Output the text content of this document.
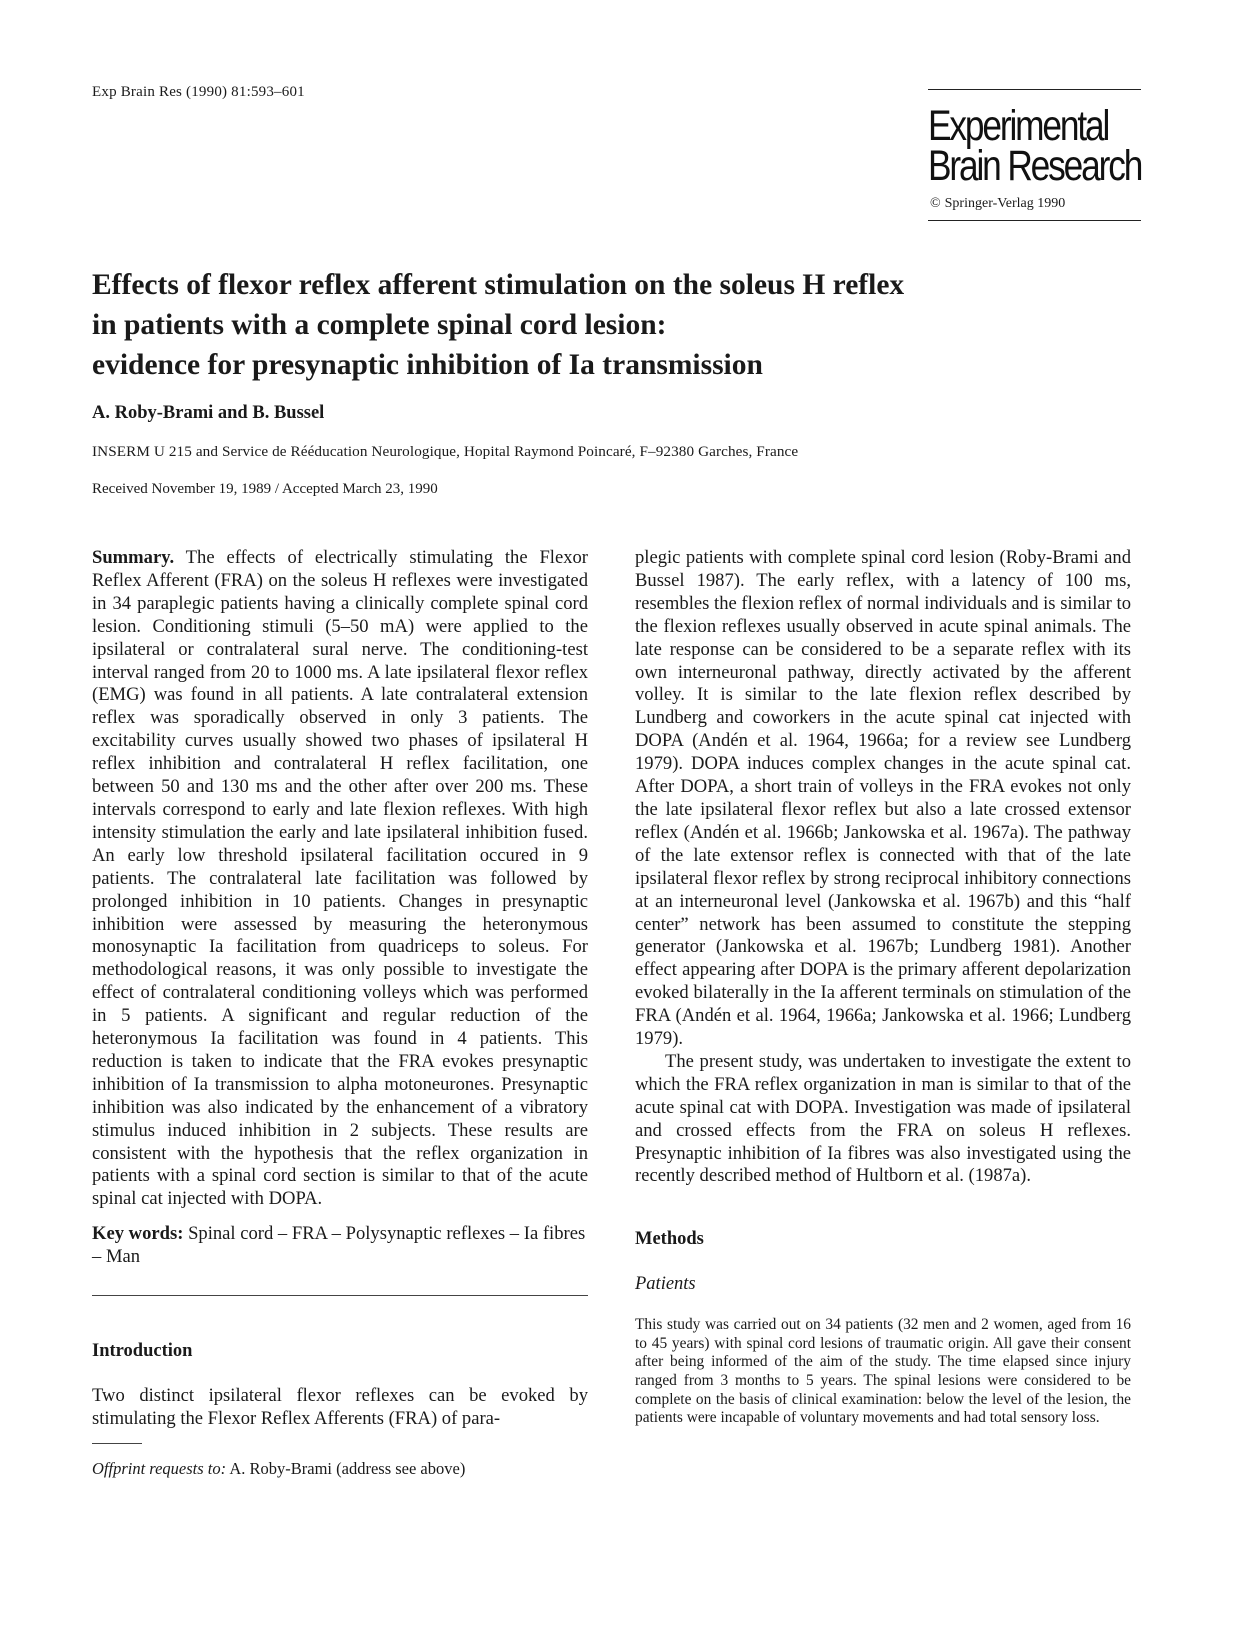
Exp Brain Res (1990) 81:593–601
Experimental
Brain Research
© Springer-Verlag 1990
Effects of flexor reflex afferent stimulation on the soleus H reflex
in patients with a complete spinal cord lesion:
evidence for presynaptic inhibition of Ia transmission
A. Roby-Brami and B. Bussel
INSERM U 215 and Service de Rééducation Neurologique, Hopital Raymond Poincaré, F–92380 Garches, France
Received November 19, 1989 / Accepted March 23, 1990

Summary. The effects of electrically stimulating the Flexor Reflex Afferent (FRA) on the soleus H reflexes were investigated in 34 paraplegic patients having a clinically complete spinal cord lesion. Conditioning stimuli (5–50 mA) were applied to the ipsilateral or contralateral sural nerve. The conditioning-test interval ranged from 20 to 1000 ms. A late ipsilateral flexor reflex (EMG) was found in all patients. A late contralateral extension reflex was sporadically observed in only 3 patients. The excitability curves usually showed two phases of ipsilateral H reflex inhibition and contralateral H reflex facilitation, one between 50 and 130 ms and the other after over 200 ms. These intervals correspond to early and late flexion reflexes. With high intensity stimulation the early and late ipsilateral inhibition fused. An early low threshold ipsilateral facilitation occured in 9 patients. The contralateral late facilitation was followed by prolonged inhibition in 10 patients. Changes in presynaptic inhibition were assessed by measuring the heteronymous monosynaptic Ia facilitation from quadriceps to soleus. For methodological reasons, it was only possible to investigate the effect of contralateral conditioning volleys which was performed in 5 patients. A significant and regular reduction of the heteronymous Ia facilitation was found in 4 patients. This reduction is taken to indicate that the FRA evokes presynaptic inhibition of Ia transmission to alpha motoneurones. Presynaptic inhibition was also indicated by the enhancement of a vibratory stimulus induced inhibition in 2 subjects. These results are consistent with the hypothesis that the reflex organization in patients with a spinal cord section is similar to that of the acute spinal cat injected with DOPA.

Key words: Spinal cord – FRA – Polysynaptic reflexes – Ia fibres – Man

Introduction

Two distinct ipsilateral flexor reflexes can be evoked by stimulating the Flexor Reflex Afferents (FRA) of para-

Offprint requests to: A. Roby-Brami (address see above)

plegic patients with complete spinal cord lesion (Roby-Brami and Bussel 1987). The early reflex, with a latency of 100 ms, resembles the flexion reflex of normal individuals and is similar to the flexion reflexes usually observed in acute spinal animals. The late response can be considered to be a separate reflex with its own interneuronal pathway, directly activated by the afferent volley. It is similar to the late flexion reflex described by Lundberg and coworkers in the acute spinal cat injected with DOPA (Andén et al. 1964, 1966a; for a review see Lundberg 1979). DOPA induces complex changes in the acute spinal cat. After DOPA, a short train of volleys in the FRA evokes not only the late ipsilateral flexor reflex but also a late crossed extensor reflex (Andén et al. 1966b; Jankowska et al. 1967a). The pathway of the late extensor reflex is connected with that of the late ipsilateral flexor reflex by strong reciprocal inhibitory connections at an interneuronal level (Jankowska et al. 1967b) and this “half center” network has been assumed to constitute the stepping generator (Jankowska et al. 1967b; Lundberg 1981). Another effect appearing after DOPA is the primary afferent depolarization evoked bilaterally in the Ia afferent terminals on stimulation of the FRA (Andén et al. 1964, 1966a; Jankowska et al. 1966; Lundberg 1979).

The present study, was undertaken to investigate the extent to which the FRA reflex organization in man is similar to that of the acute spinal cat with DOPA. Investigation was made of ipsilateral and crossed effects from the FRA on soleus H reflexes. Presynaptic inhibition of Ia fibres was also investigated using the recently described method of Hultborn et al. (1987a).

Methods

Patients

This study was carried out on 34 patients (32 men and 2 women, aged from 16 to 45 years) with spinal cord lesions of traumatic origin. All gave their consent after being informed of the aim of the study. The time elapsed since injury ranged from 3 months to 5 years. The spinal lesions were considered to be complete on the basis of clinical examination: below the level of the lesion, the patients were incapable of voluntary movements and had total sensory loss.
